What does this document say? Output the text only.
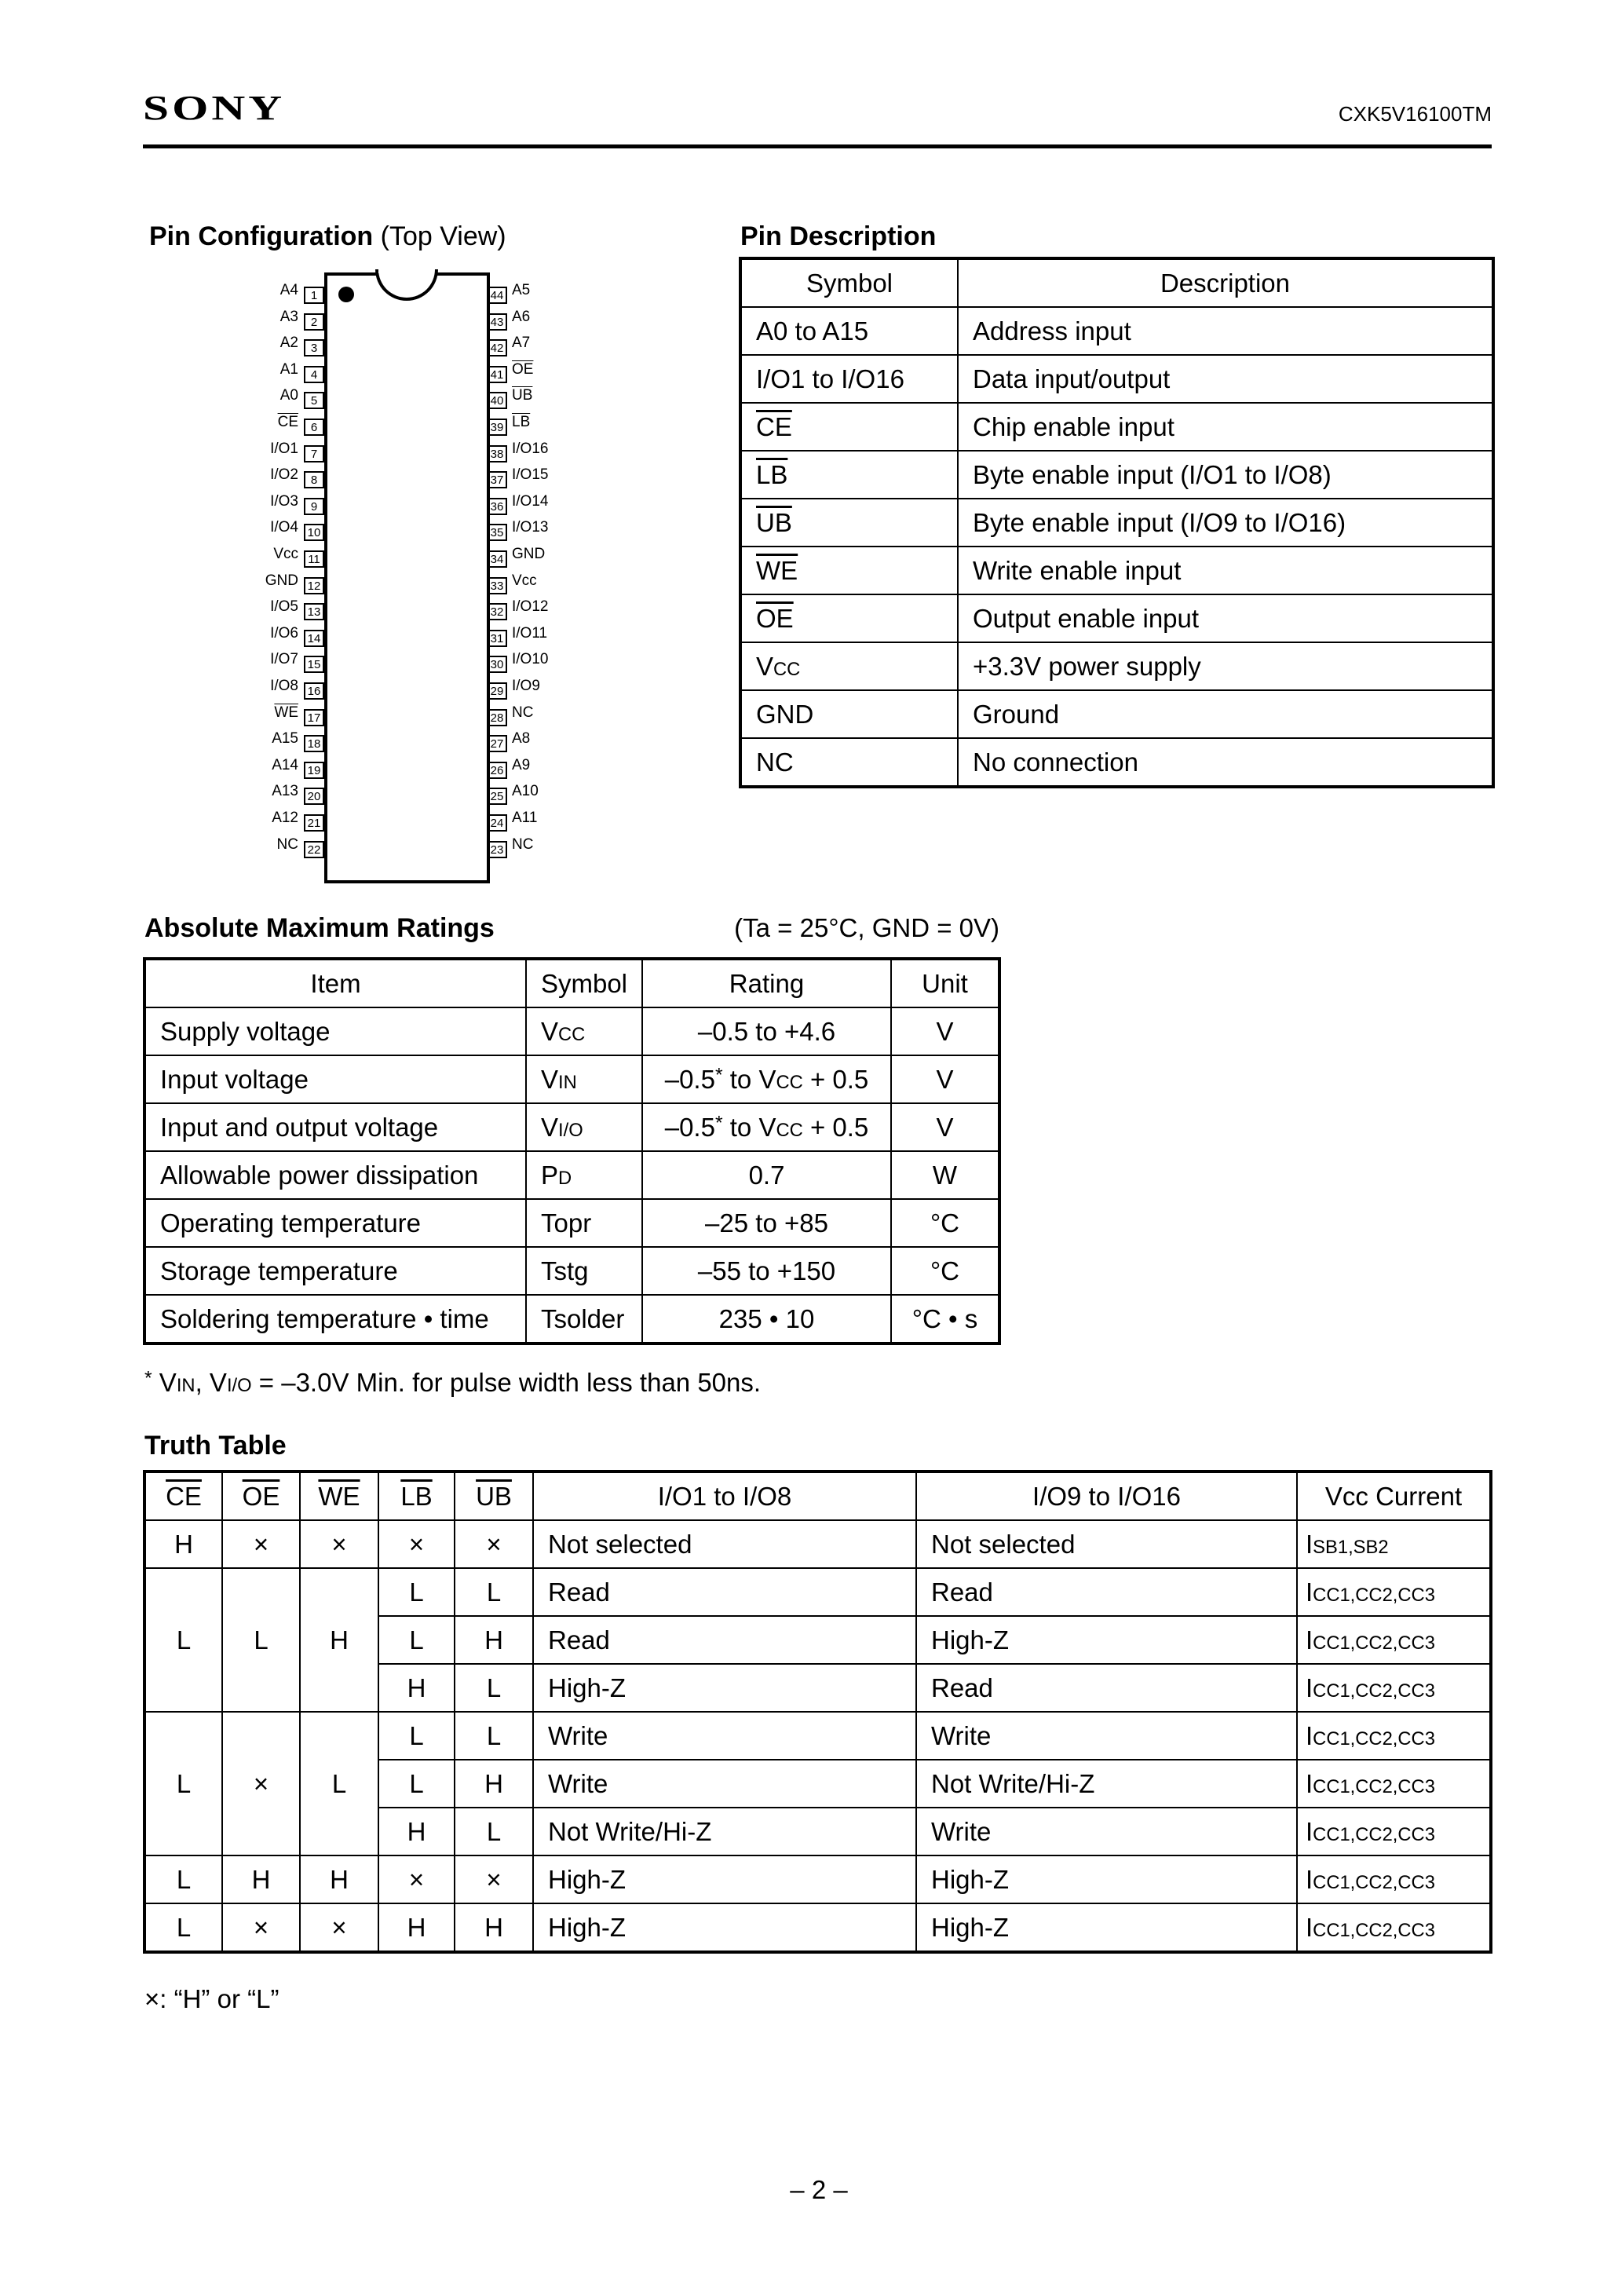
SONY	CXK5V16100TM
Pin Configuration (Top View)
1
A4
2
A3
3
A2
4
A1
5
A0
6
$\overline{CE}$
7
I/O1
8
I/O2
9
I/O3
10
I/O4
11
Vcc
12
GND
13
I/O5
14
I/O6
15
I/O7
16
I/O8
17
$\overline{WE}$
18
A15
19
A14
20
A13
21
A12
22
NC
44 A5
43 A6
42 A7
41 $\overline{OE}$
40 $\overline{UB}$
39 $\overline{LB}$
38 I/O16
37 I/O15
36 I/O14
35 I/O13
34 GND
33 Vcc
32 I/O12
31 I/O11
30 I/O10
29 I/O9
28 NC
27 A8
26 A9
25 A10
24 A11
23 NC
Pin Description
Symbol	Description
A0 to A15	Address input
I/O1 to I/O16	Data input/output
$\overline{CE}$	Chip enable input
$\overline{LB}$	Byte enable input (I/O1 to I/O8)
$\overline{UB}$	Byte enable input (I/O9 to I/O16)
$\overline{WE}$	Write enable input
$\overline{OE}$	Output enable input
VCC	+3.3V power supply
GND	Ground
NC	No connection
Absolute Maximum Ratings	(Ta = 25°C, GND = 0V)
Item	Symbol	Rating	Unit
Supply voltage	VCC	–0.5 to +4.6	V
Input voltage	VIN	–0.5* to VCC + 0.5	V
Input and output voltage	VI/O	–0.5* to VCC + 0.5	V
Allowable power dissipation	PD	0.7	W
Operating temperature	Topr	–25 to +85	°C
Storage temperature	Tstg	–55 to +150	°C
Soldering temperature • time	Tsolder	235 • 10	°C • s
* VIN, VI/O = –3.0V Min. for pulse width less than 50ns.
Truth Table
$\overline{CE}$	$\overline{OE}$	$\overline{WE}$	$\overline{LB}$	$\overline{UB}$	I/O1 to I/O8	I/O9 to I/O16	Vcc Current
H	×	×	×	×	Not selected	Not selected	ISB1,SB2
L	L	H	L	L	Read	Read	ICC1,CC2,CC3
			L	H	Read	High-Z	ICC1,CC2,CC3
			H	L	High-Z	Read	ICC1,CC2,CC3
L	×	L	L	L	Write	Write	ICC1,CC2,CC3
			L	H	Write	Not Write/Hi-Z	ICC1,CC2,CC3
			H	L	Not Write/Hi-Z	Write	ICC1,CC2,CC3
L	H	H	×	×	High-Z	High-Z	ICC1,CC2,CC3
L	×	×	H	H	High-Z	High-Z	ICC1,CC2,CC3
×: “H” or “L”
– 2 –
